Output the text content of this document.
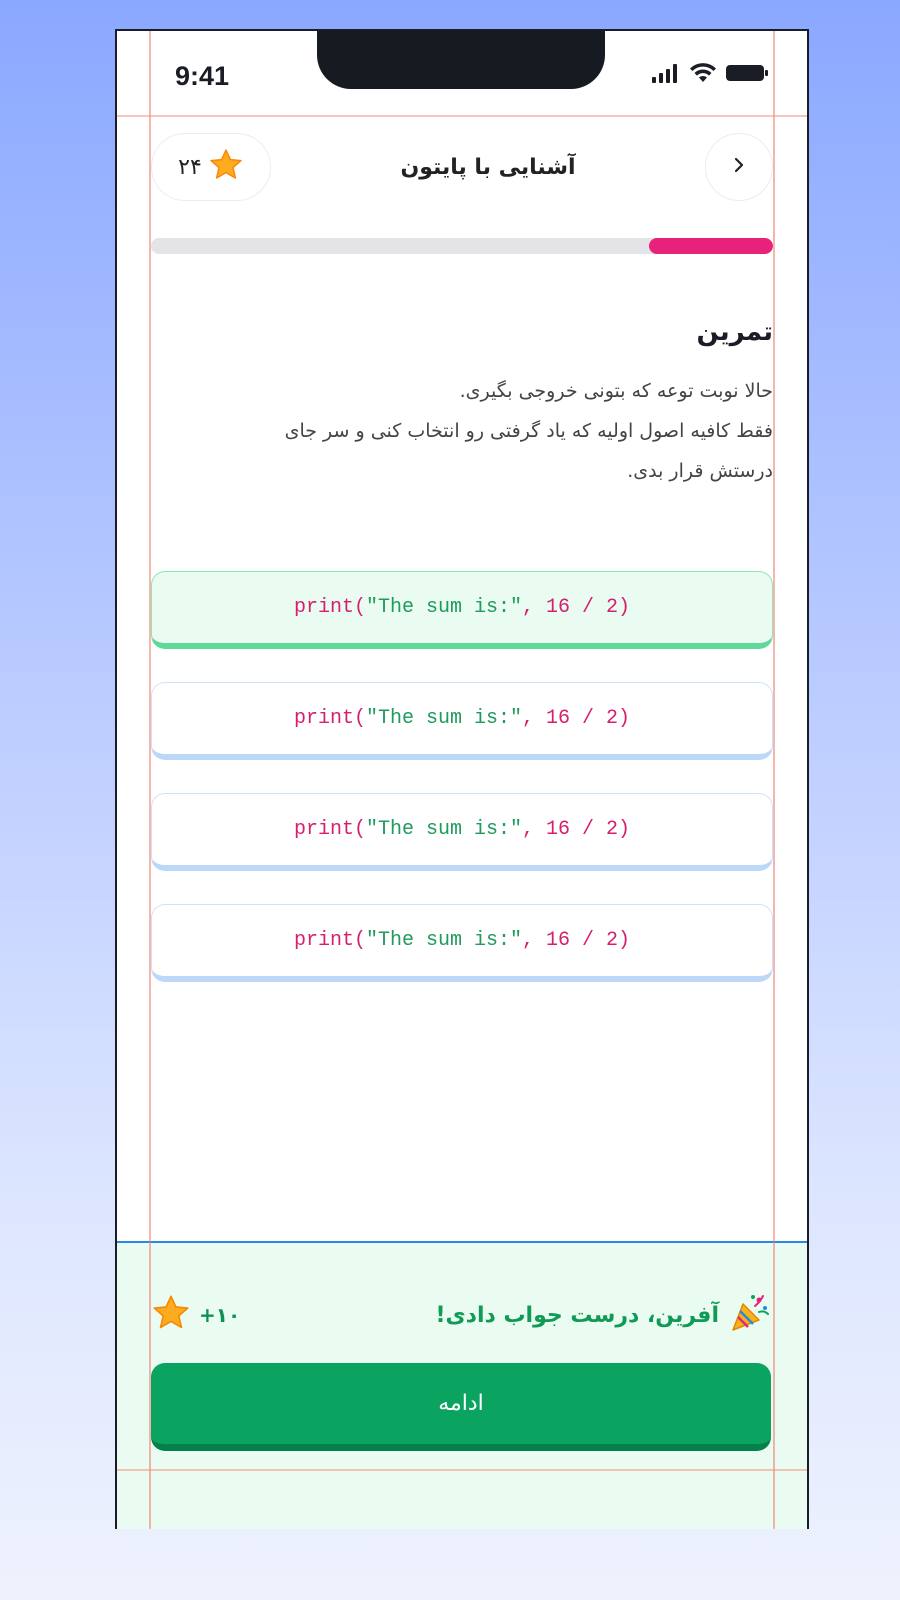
9:41
۲۴	آشنایی با پایتون
تمرین
حالا نوبت توعه که بتونی خروجی بگیری.
فقط کافیه اصول اولیه که یاد گرفتی رو انتخاب کنی و سر جای
درستش قرار بدی.
print ( "The sum is:" , 16 / 2)
print ( "The sum is:" , 16 / 2)
print ( "The sum is:" , 16 / 2)
print ( "The sum is:" , 16 / 2)
+۱۰	آفرین، درست جواب دادی!
ادامه
